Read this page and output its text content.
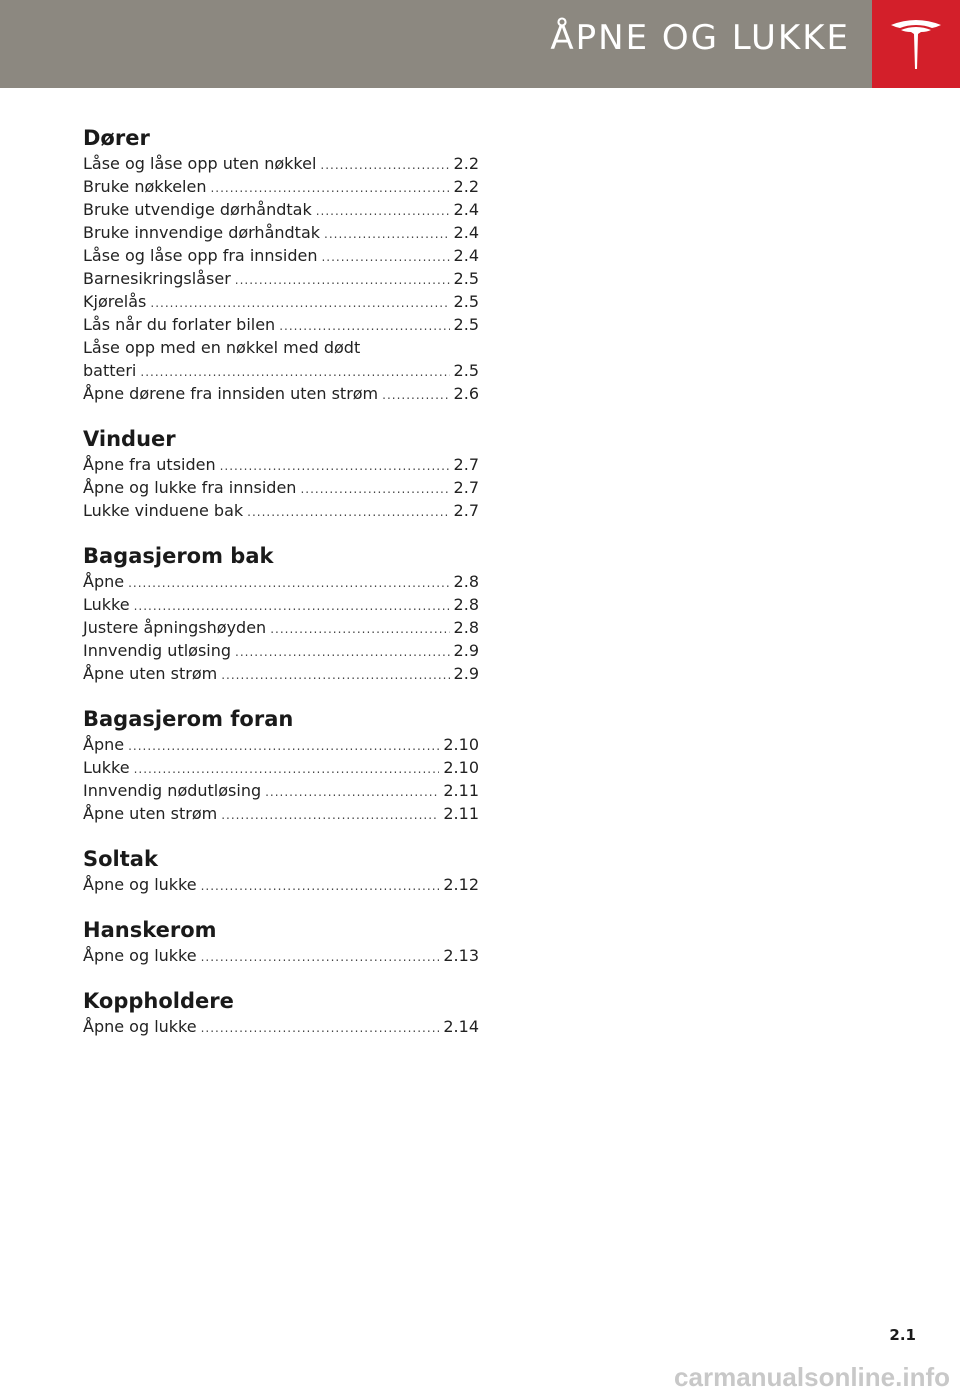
ÅPNE OG LUKKE
Dører
Låse og låse opp uten nøkkel .....	2.2
Bruke nøkkelen .....	2.2
Bruke utvendige dørhåndtak .....	2.4
Bruke innvendige dørhåndtak .....	2.4
Låse og låse opp fra innsiden .....	2.4
Barnesikringslåser .....	2.5
Kjørelås .....	2.5
Lås når du forlater bilen .....	2.5
Låse opp med en nøkkel med dødt
batteri .....	2.5
Åpne dørene fra innsiden uten strøm .....	2.6
Vinduer
Åpne fra utsiden .....	2.7
Åpne og lukke fra innsiden .....	2.7
Lukke vinduene bak .....	2.7
Bagasjerom bak
Åpne .....	2.8
Lukke .....	2.8
Justere åpningshøyden .....	2.8
Innvendig utløsing .....	2.9
Åpne uten strøm .....	2.9
Bagasjerom foran
Åpne .....	2.10
Lukke .....	2.10
Innvendig nødutløsing .....	2.11
Åpne uten strøm .....	2.11
Soltak
Åpne og lukke .....	2.12
Hanskerom
Åpne og lukke .....	2.13
Koppholdere
Åpne og lukke .....	2.14
2.1
carmanualsonline.info
